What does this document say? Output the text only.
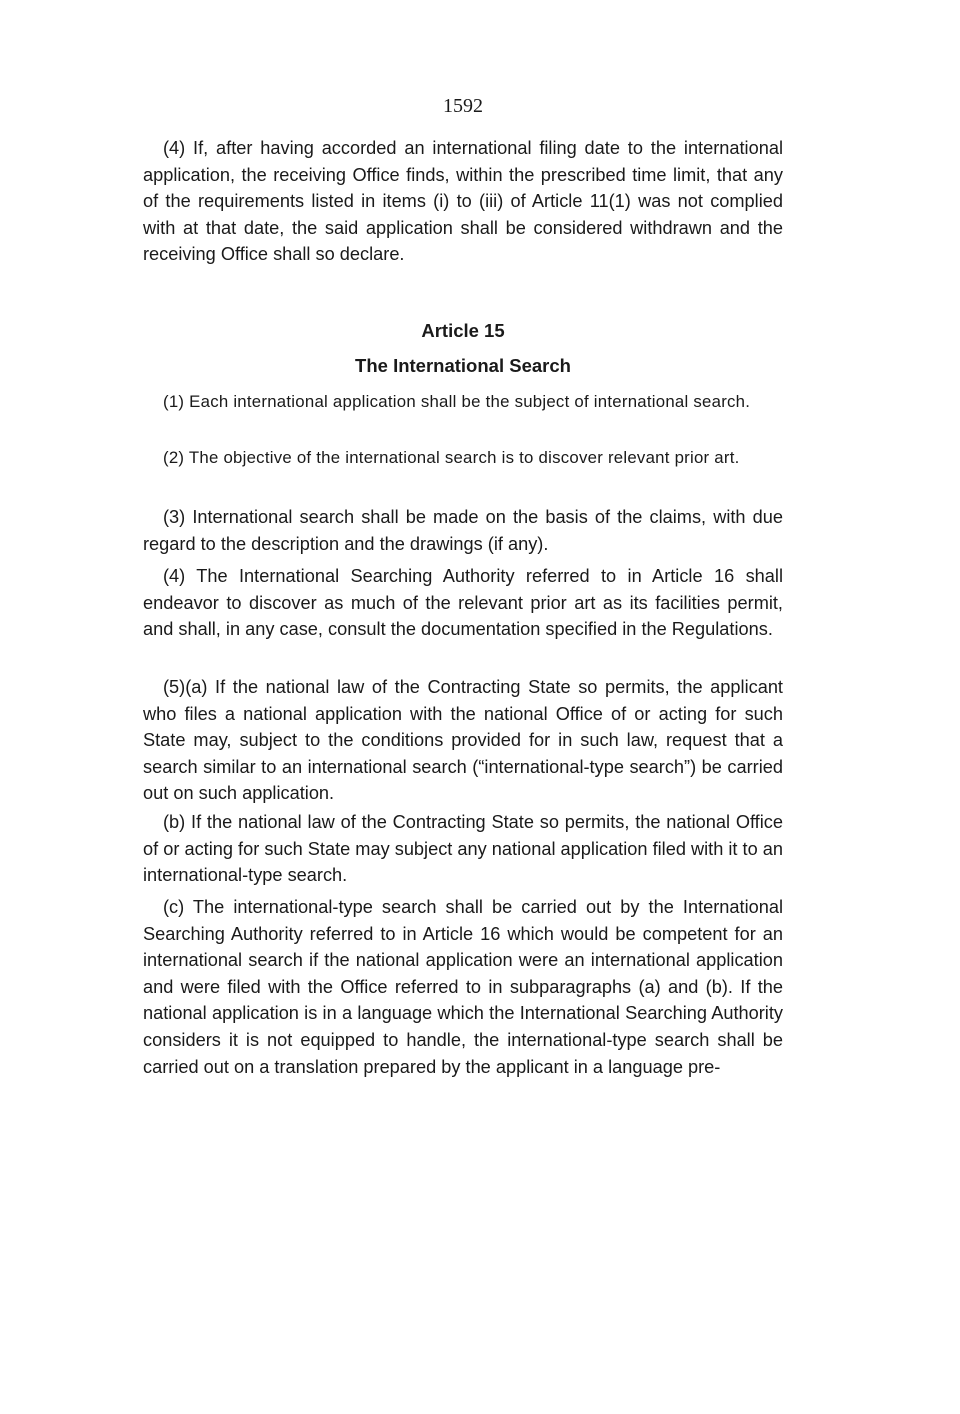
1592

(4) If, after having accorded an international filing date to the international application, the receiving Office finds, within the prescribed time limit, that any of the requirements listed in items (i) to (iii) of Article 11(1) was not complied with at that date, the said application shall be considered withdrawn and the receiving Office shall so declare.

Article 15
The International Search

(1) Each international application shall be the subject of international search.

(2) The objective of the international search is to discover relevant prior art.

(3) International search shall be made on the basis of the claims, with due regard to the description and the drawings (if any).

(4) The International Searching Authority referred to in Article 16 shall endeavor to discover as much of the relevant prior art as its facilities permit, and shall, in any case, consult the documentation specified in the Regulations.

(5)(a) If the national law of the Contracting State so permits, the applicant who files a national application with the national Office of or acting for such State may, subject to the conditions provided for in such law, request that a search similar to an international search (“international-type search”) be carried out on such application.

(b) If the national law of the Contracting State so permits, the national Office of or acting for such State may subject any national application filed with it to an international-type search.

(c) The international-type search shall be carried out by the International Searching Authority referred to in Article 16 which would be competent for an international search if the national application were an international application and were filed with the Office referred to in subparagraphs (a) and (b). If the national application is in a language which the International Searching Authority considers it is not equipped to handle, the international-type search shall be carried out on a translation prepared by the applicant in a language pre-
